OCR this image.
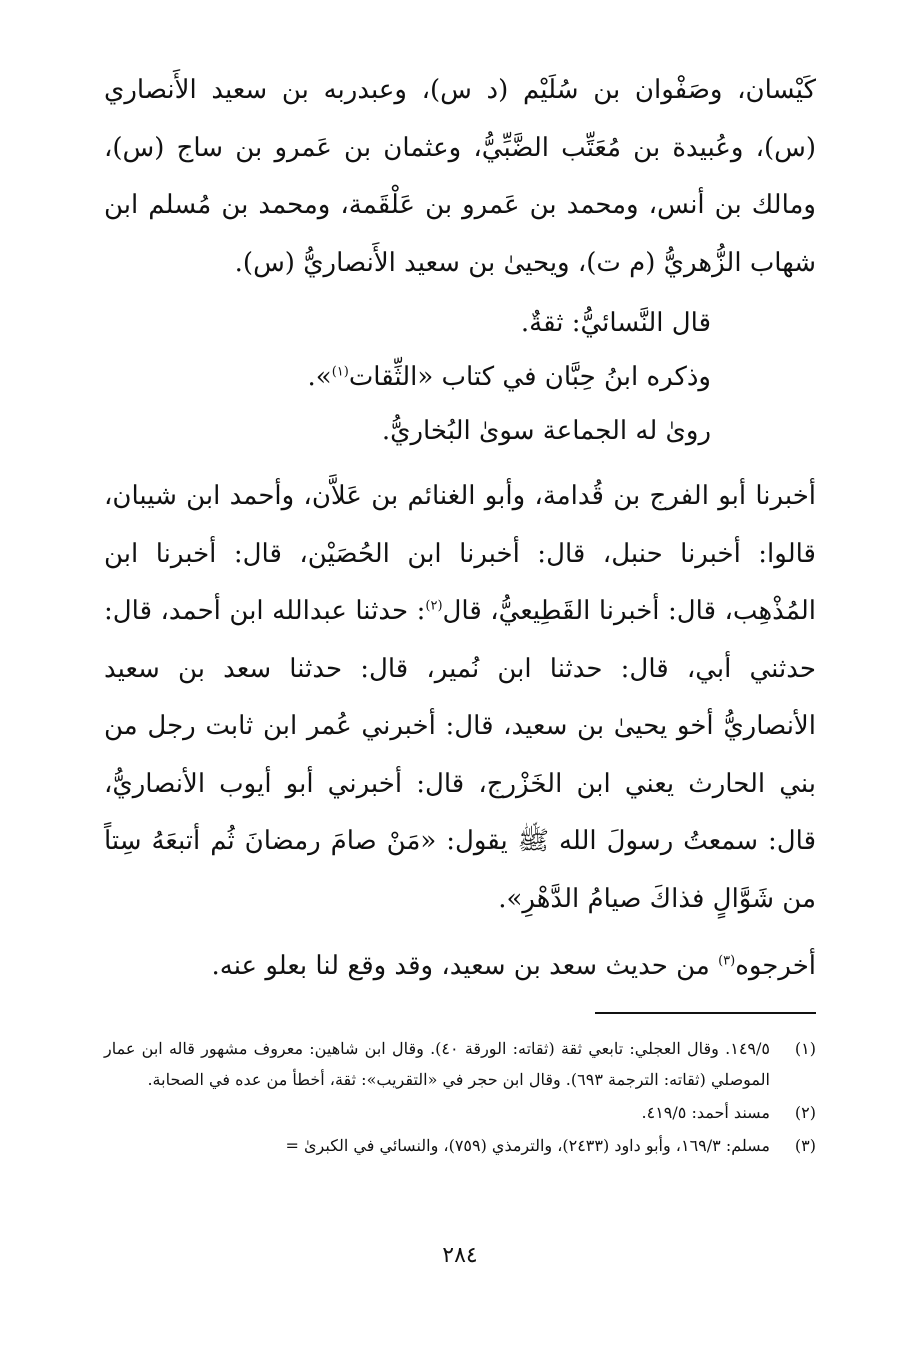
كَيْسان، وصَفْوان بن سُلَيْم (د س)، وعبدربه بن سعيد الأَنصاري (س)، وعُبيدة بن مُعَتِّب الضَّبِّيُّ، وعثمان بن عَمرو بن ساج (س)، ومالك بن أنس، ومحمد بن عَمرو بن عَلْقَمة، ومحمد بن مُسلم ابن شهاب الزُّهريُّ (م ت)، ويحيىٰ بن سعيد الأَنصاريُّ (س).

قال النَّسائيُّ: ثقةٌ.

وذكره ابنُ حِبَّان في كتاب «الثِّقات$^{(١)}$».

روىٰ له الجماعة سوىٰ البُخاريُّ.

أخبرنا أبو الفرج بن قُدامة، وأبو الغنائم بن عَلاَّن، وأحمد ابن شيبان، قالوا: أخبرنا حنبل، قال: أخبرنا ابن الحُصَيْن، قال: أخبرنا ابن المُذْهِب، قال: أخبرنا القَطِيعيُّ، قال$^{(٢)}$: حدثنا عبدالله ابن أحمد، قال: حدثني أبي، قال: حدثنا ابن نُمير، قال: حدثنا سعد بن سعيد الأنصاريُّ أخو يحيىٰ بن سعيد، قال: أخبرني عُمر ابن ثابت رجل من بني الحارث يعني ابن الخَزْرج، قال: أخبرني أبو أيوب الأنصاريُّ، قال: سمعتُ رسولَ الله ﷺ يقول: «مَنْ صامَ رمضانَ ثُم أتبعَهُ سِتاً من شَوَّالٍ فذاكَ صيامُ الدَّهْرِ».

أخرجوه$^{(٣)}$ من حديث سعد بن سعيد، وقد وقع لنا بعلو عنه.

(١)
١٤٩/٥. وقال العجلي: تابعي ثقة (ثقاته: الورقة ٤٠). وقال ابن شاهين: معروف مشهور قاله ابن عمار الموصلي (ثقاته: الترجمة ٦٩٣). وقال ابن حجر في «التقريب»: ثقة، أخطأ من عده في الصحابة.
(٢)
مسند أحمد: ٤١٩/٥.
(٣)
مسلم: ١٦٩/٣، وأبو داود (٢٤٣٣)، والترمذي (٧٥٩)، والنسائي في الكبرىٰ =
٢٨٤
